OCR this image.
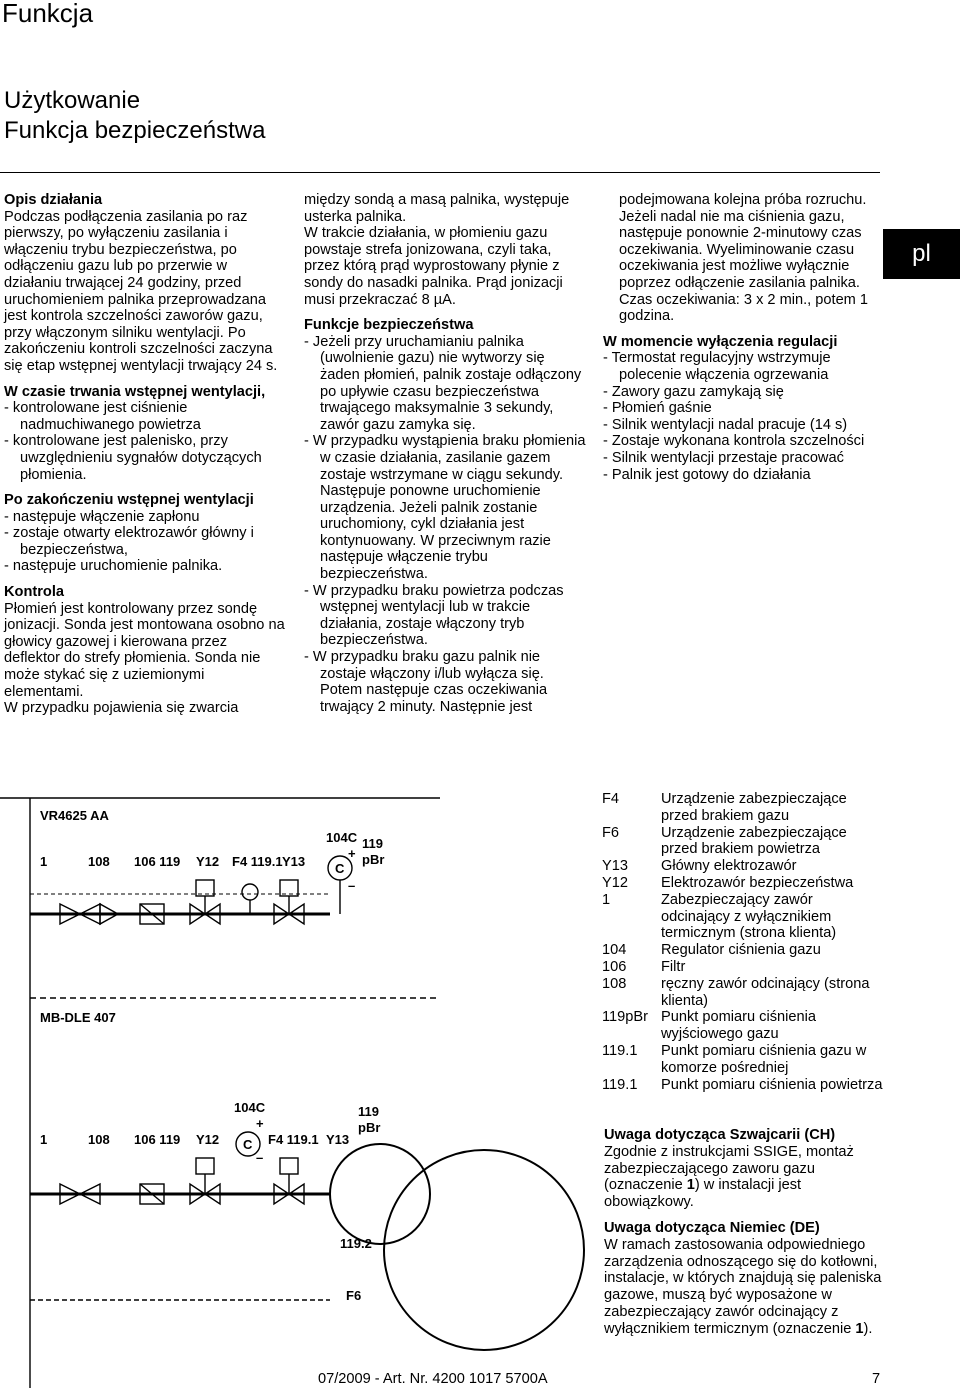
Funkcja
Użytkowanie
Funkcja bezpieczeństwa

Opis działania

Podczas podłączenia zasilania po raz pierwszy, po wyłączeniu zasilania i włączeniu trybu bezpieczeństwa, po odłączeniu gazu lub po przerwie w działaniu trwającej 24 godziny, przed uruchomieniem palnika przeprowadzana jest kontrola szczelności zaworów gazu, przy włączonym silniku wentylacji. Po zakończeniu kontroli szczelności zaczyna się etap wstępnej wentylacji trwający 24 s.

W czasie trwania wstępnej wentylacji,

- kontrolowane jest ciśnienie nadmuchiwanego powietrza

- kontrolowane jest palenisko, przy uwzględnieniu sygnałów dotyczących płomienia.

Po zakończeniu wstępnej wentylacji

- następuje włączenie zapłonu

- zostaje otwarty elektrozawór główny i bezpieczeństwa,

- następuje uruchomienie palnika.

Kontrola

Płomień jest kontrolowany przez sondę jonizacji. Sonda jest montowana osobno na głowicy gazowej i kierowana przez deflektor do strefy płomienia. Sonda nie może stykać się z uziemionymi elementami.

W przypadku pojawienia się zwarcia

między sondą a masą palnika, występuje usterka palnika.

W trakcie działania, w płomieniu gazu powstaje strefa jonizowana, czyli taka, przez którą prąd wyprostowany płynie z sondy do nasadki palnika. Prąd jonizacji musi przekraczać 8 µA.

Funkcje bezpieczeństwa

- Jeżeli przy uruchamianiu palnika (uwolnienie gazu) nie wytworzy się żaden płomień, palnik zostaje odłączony po upływie czasu bezpieczeństwa trwającego maksymalnie 3 sekundy, zawór gazu zamyka się.

- W przypadku wystąpienia braku płomienia w czasie działania, zasilanie gazem zostaje wstrzymane w ciągu sekundy. Następuje ponowne uruchomienie urządzenia. Jeżeli palnik zostanie uruchomiony, cykl działania jest kontynuowany. W przeciwnym razie następuje włączenie trybu bezpieczeństwa.

- W przypadku braku powietrza podczas wstępnej wentylacji lub w trakcie działania, zostaje włączony tryb bezpieczeństwa.

- W przypadku braku gazu palnik nie zostaje włączony i/lub wyłącza się. Potem następuje czas oczekiwania trwający 2 minuty. Następnie jest

podejmowana kolejna próba rozruchu. Jeżeli nadal nie ma ciśnienia gazu, następuje ponownie 2-minutowy czas oczekiwania. Wyeliminowanie czasu oczekiwania jest możliwe wyłącznie poprzez odłączenie zasilania palnika. Czas oczekiwania: 3 x 2 min., potem 1 godzina.

W momencie wyłączenia regulacji

- Termostat regulacyjny wstrzymuje polecenie włączenia ogrzewania

- Zawory gazu zamykają się

- Płomień gaśnie

- Silnik wentylacji nadal pracuje (14 s)

- Zostaje wykonana kontrola szczelności

- Silnik wentylacji przestaje pracować

- Palnik jest gotowy do działania

pl
VR4625 AA
1	108 106 119 Y12 F4 119.1 Y13
104C
C
119
pBr
+
–
MB-DLE 407
1	108 106 119 Y12	F4 119.1 Y13
104C
C
119
pBr
+
–
119.2
F6
F4	Urządzenie zabezpieczające przed brakiem gazu
F6	Urządzenie zabezpieczające przed brakiem powietrza
Y13	Główny elektrozawór
Y12	Elektrozawór bezpieczeństwa
1	Zabezpieczający zawór odcinający z wyłącznikiem termicznym (strona klienta)
104	Regulator ciśnienia gazu
106	Filtr
108	ręczny zawór odcinający (strona klienta)
119pBr Punkt pomiaru ciśnienia wyjściowego gazu
119.1	Punkt pomiaru ciśnienia gazu w komorze pośredniej
119.1	Punkt pomiaru ciśnienia powietrza

Uwaga dotycząca Szwajcarii (CH)

Zgodnie z instrukcjami SSIGE, montaż zabezpieczającego zaworu gazu (oznaczenie 1) w instalacji jest obowiązkowy.

Uwaga dotycząca Niemiec (DE)

W ramach zastosowania odpowiedniego zarządzenia odnoszącego się do kotłowni, instalacje, w których znajdują się paleniska gazowe, muszą być wyposażone w zabezpieczający zawór odcinający z wyłącznikiem termicznym (oznaczenie 1).

07/2009 - Art. Nr. 4200 1017 5700A	7
